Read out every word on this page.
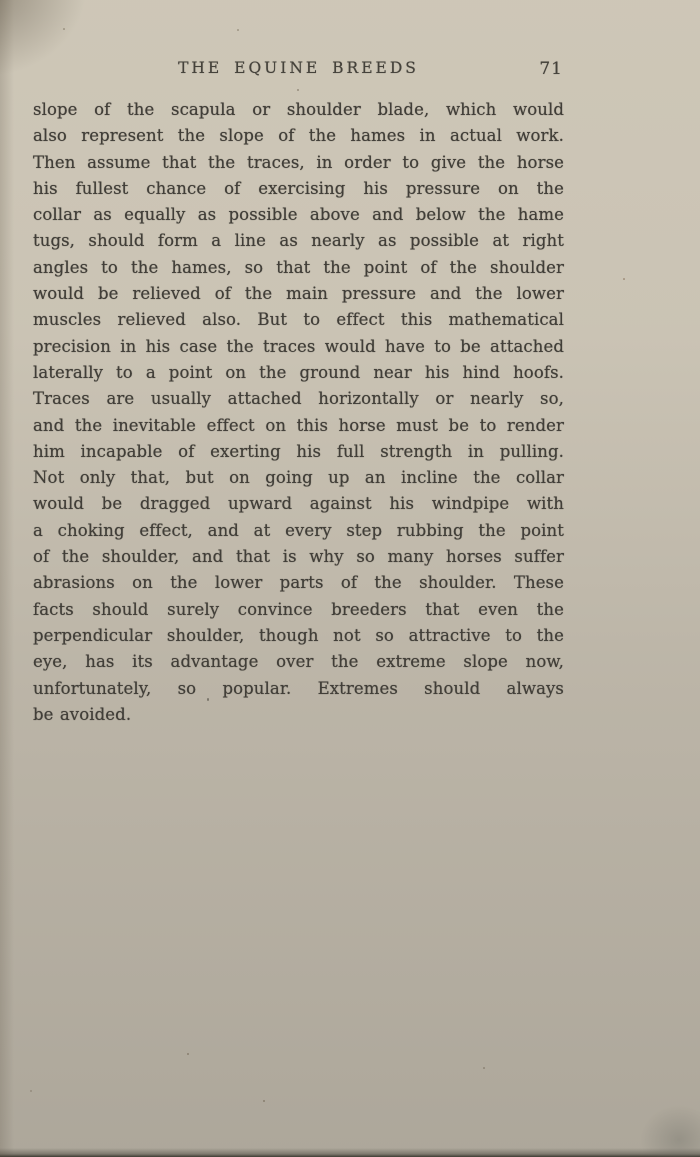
THE EQUINE BREEDS	71
slope of the scapula or shoulder blade, which would
also represent the slope of the hames in actual work.
Then assume that the traces, in order to give the horse
his fullest chance of exercising his pressure on the
collar as equally as possible above and below the hame
tugs, should form a line as nearly as possible at right
angles to the hames, so that the point of the shoulder
would be relieved of the main pressure and the lower
muscles relieved also. But to effect this mathematical
precision in his case the traces would have to be attached
laterally to a point on the ground near his hind hoofs.
Traces are usually attached horizontally or nearly so,
and the inevitable effect on this horse must be to render
him incapable of exerting his full strength in pulling.
Not only that, but on going up an incline the collar
would be dragged upward against his windpipe with
a choking effect, and at every step rubbing the point
of the shoulder, and that is why so many horses suffer
abrasions on the lower parts of the shoulder. These
facts should surely convince breeders that even the
perpendicular shoulder, though not so attractive to the
eye, has its advantage over the extreme slope now,
unfortunately, so popular. Extremes should always
be avoided.
